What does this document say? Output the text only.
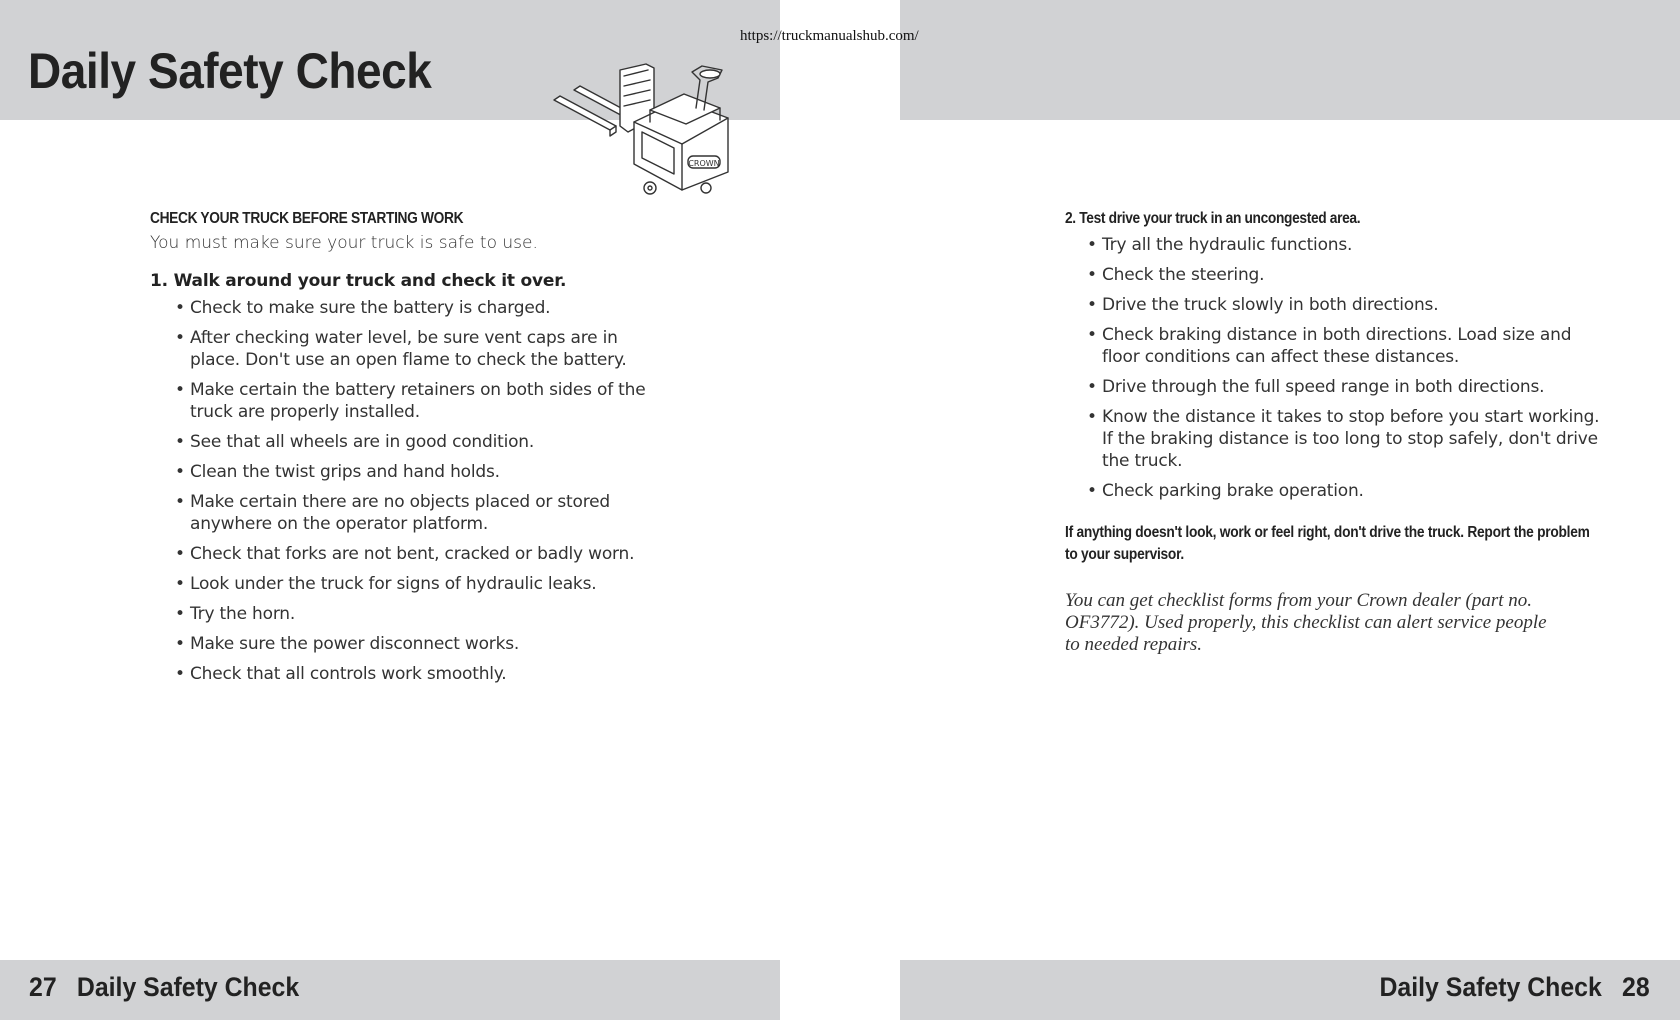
https://truckmanualshub.com/
Daily Safety Check
CROWN
CHECK YOUR TRUCK BEFORE STARTING WORK
You must make sure your truck is safe to use.
1. Walk around your truck and check it over.
• Check to make sure the battery is charged.
• After checking water level, be sure vent caps are in place. Don't use an open flame to check the battery.
• Make certain the battery retainers on both sides of the truck are properly installed.
• See that all wheels are in good condition.
• Clean the twist grips and hand holds.
• Make certain there are no objects placed or stored anywhere on the operator platform.
• Check that forks are not bent, cracked or badly worn.
• Look under the truck for signs of hydraulic leaks.
• Try the horn.
• Make sure the power disconnect works.
• Check that all controls work smoothly.
2. Test drive your truck in an uncongested area.
• Try all the hydraulic functions.
• Check the steering.
• Drive the truck slowly in both directions.
• Check braking distance in both directions. Load size and floor conditions can affect these distances.
• Drive through the full speed range in both directions.
• Know the distance it takes to stop before you start working. If the braking distance is too long to stop safely, don't drive the truck.
• Check parking brake operation.
If anything doesn't look, work or feel right, don't drive the truck. Report the problem to your supervisor.
You can get checklist forms from your Crown dealer (part no. OF3772). Used properly, this checklist can alert service people to needed repairs.
27 Daily Safety Check	Daily Safety Check 28
